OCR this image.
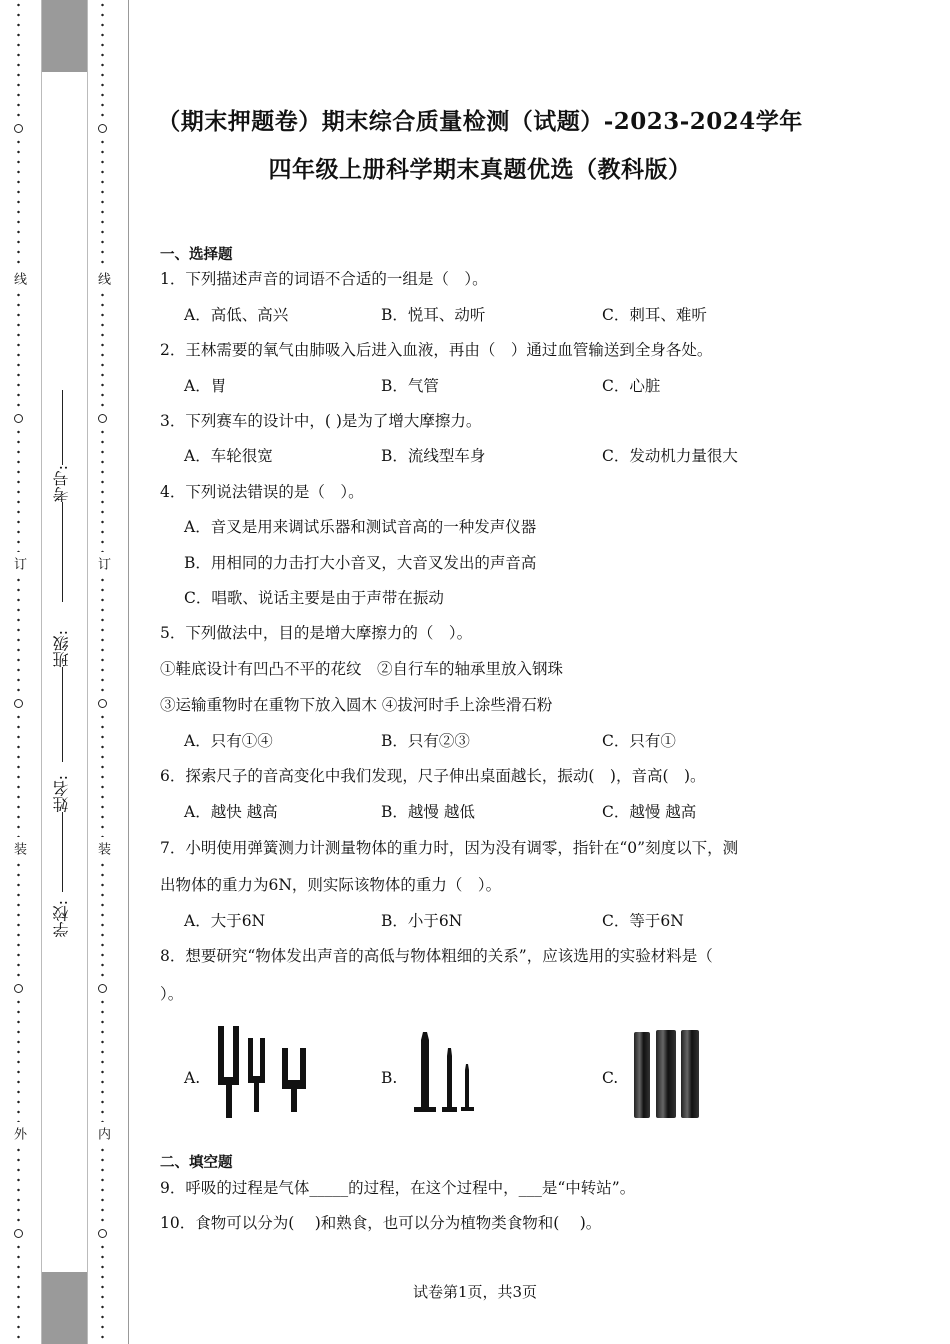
线
订
装
外
线
订
装
内
学校:
姓名:
班级:
考号:
（期末押题卷）期末综合质量检测（试题）-2023-2024学年
四年级上册科学期末真题优选（教科版）
一、选择题
1．下列描述声音的词语不合适的一组是（　）。
A．高低、高兴	B．悦耳、动听	C．刺耳、难听
2．王林需要的氧气由肺吸入后进入血液，再由（　）通过血管输送到全身各处。
A．胃	B．气管	C．心脏
3．下列赛车的设计中，( )是为了增大摩擦力。
A．车轮很宽	B．流线型车身	C．发动机力量很大
4．下列说法错误的是（　）。
A．音叉是用来调试乐器和测试音高的一种发声仪器
B．用相同的力击打大小音叉，大音叉发出的声音高
C．唱歌、说话主要是由于声带在振动
5．下列做法中，目的是增大摩擦力的（　）。
①鞋底设计有凹凸不平的花纹　②自行车的轴承里放入钢珠
③运输重物时在重物下放入圆木 ④拔河时手上涂些滑石粉
A．只有①④	B．只有②③	C．只有①
6．探索尺子的音高变化中我们发现，尺子伸出桌面越长，振动(　)，音高(　)。
A．越快 越高	B．越慢 越低	C．越慢 越高
7．小明使用弹簧测力计测量物体的重力时，因为没有调零，指针在“0”刻度以下，测
出物体的重力为6N，则实际该物体的重力（　）。
A．大于6N	B．小于6N	C．等于6N
8．想要研究“物体发出声音的高低与物体粗细的关系”，应该选用的实验材料是（
）。
A.	B.	C.
二、填空题
9．呼吸的过程是气体_____的过程，在这个过程中，___是“中转站”。
10．食物可以分为(　 )和熟食，也可以分为植物类食物和(　 )。
试卷第1页，共3页
